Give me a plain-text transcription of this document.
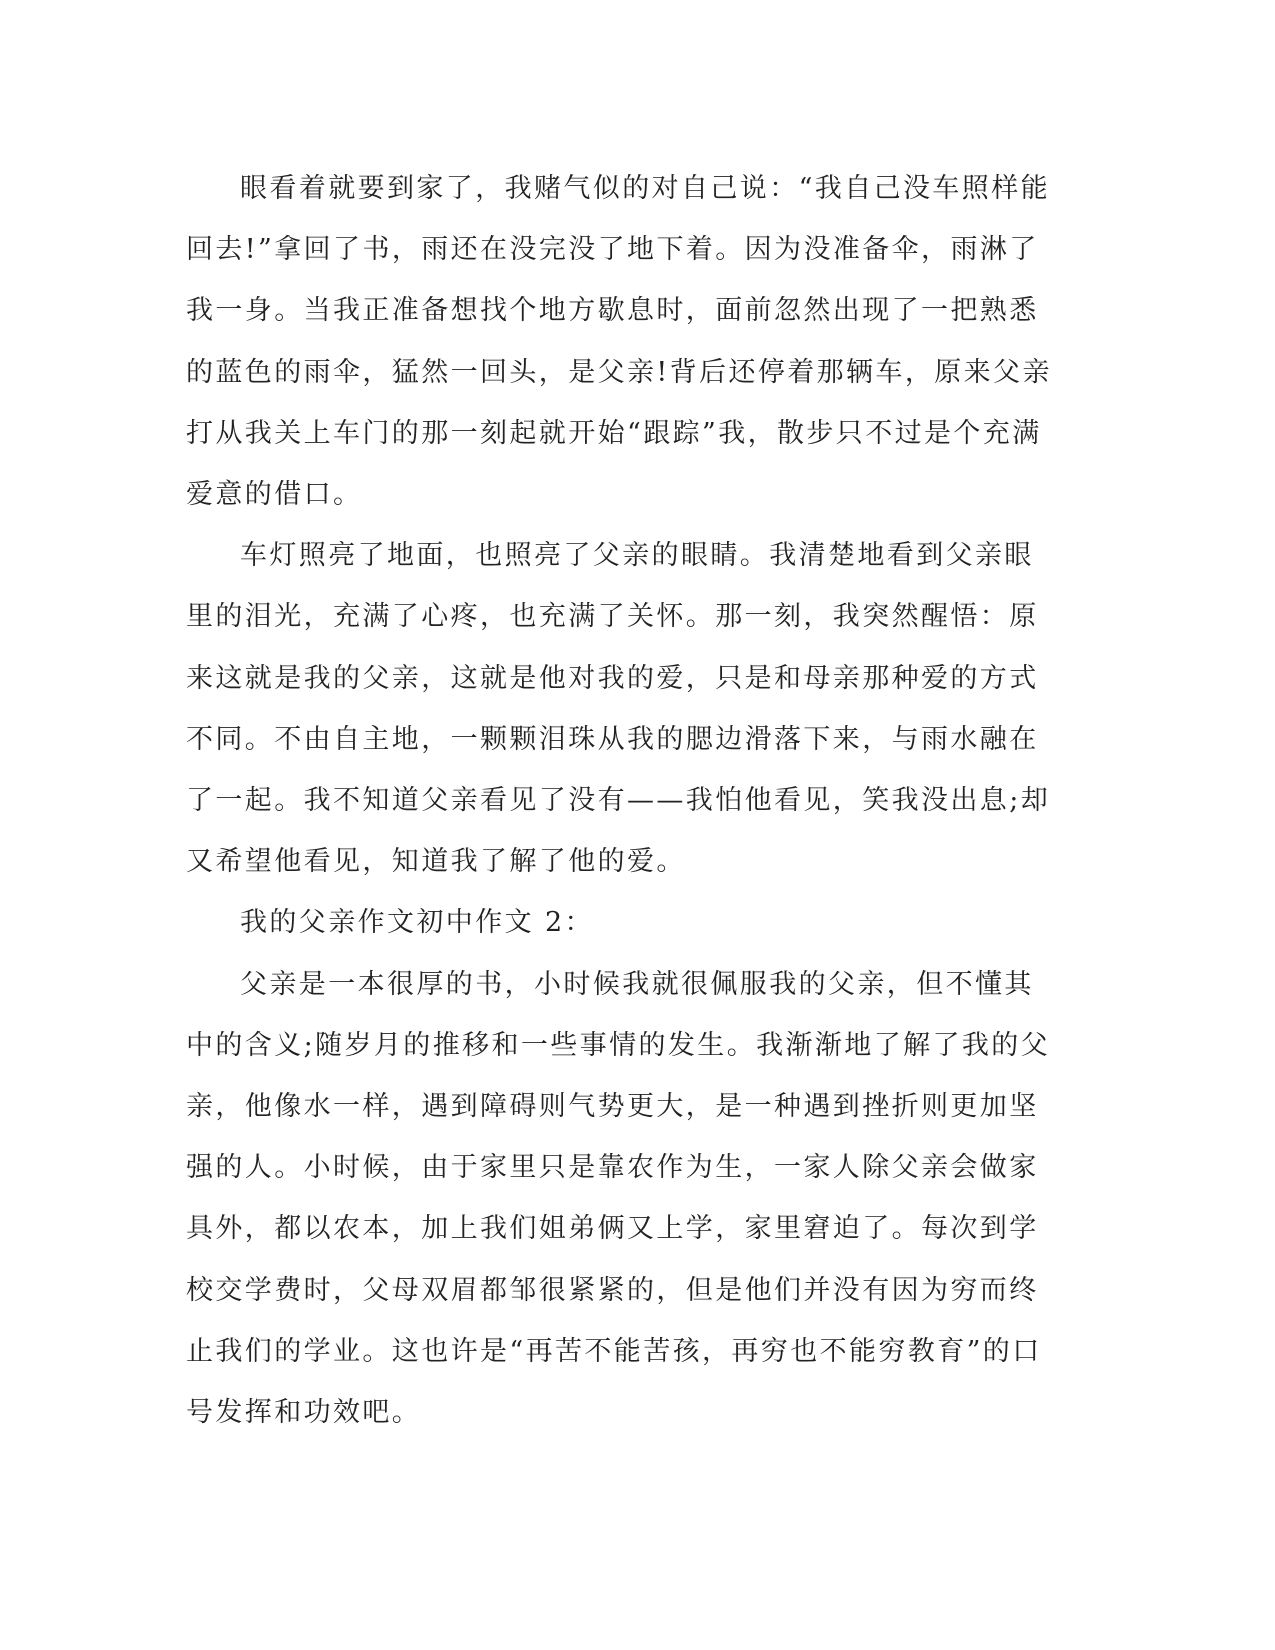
眼看着就要到家了，我赌气似的对自己说：“我自己没车照样能回去!”拿回了书，雨还在没完没了地下着。因为没准备伞，雨淋了我一身。当我正准备想找个地方歇息时，面前忽然出现了一把熟悉的蓝色的雨伞，猛然一回头，是父亲!背后还停着那辆车，原来父亲打从我关上车门的那一刻起就开始“跟踪”我，散步只不过是个充满爱意的借口。

车灯照亮了地面，也照亮了父亲的眼睛。我清楚地看到父亲眼里的泪光，充满了心疼，也充满了关怀。那一刻，我突然醒悟：原来这就是我的父亲，这就是他对我的爱，只是和母亲那种爱的方式不同。不由自主地，一颗颗泪珠从我的腮边滑落下来，与雨水融在了一起。我不知道父亲看见了没有——我怕他看见，笑我没出息;却又希望他看见，知道我了解了他的爱。

我的父亲作文初中作文 2：

父亲是一本很厚的书，小时候我就很佩服我的父亲，但不懂其中的含义;随岁月的推移和一些事情的发生。我渐渐地了解了我的父亲，他像水一样，遇到障碍则气势更大，是一种遇到挫折则更加坚强的人。小时候，由于家里只是靠农作为生，一家人除父亲会做家具外，都以农本，加上我们姐弟俩又上学，家里窘迫了。每次到学校交学费时，父母双眉都邹很紧紧的，但是他们并没有因为穷而终止我们的学业。这也许是“再苦不能苦孩，再穷也不能穷教育”的口号发挥和功效吧。
